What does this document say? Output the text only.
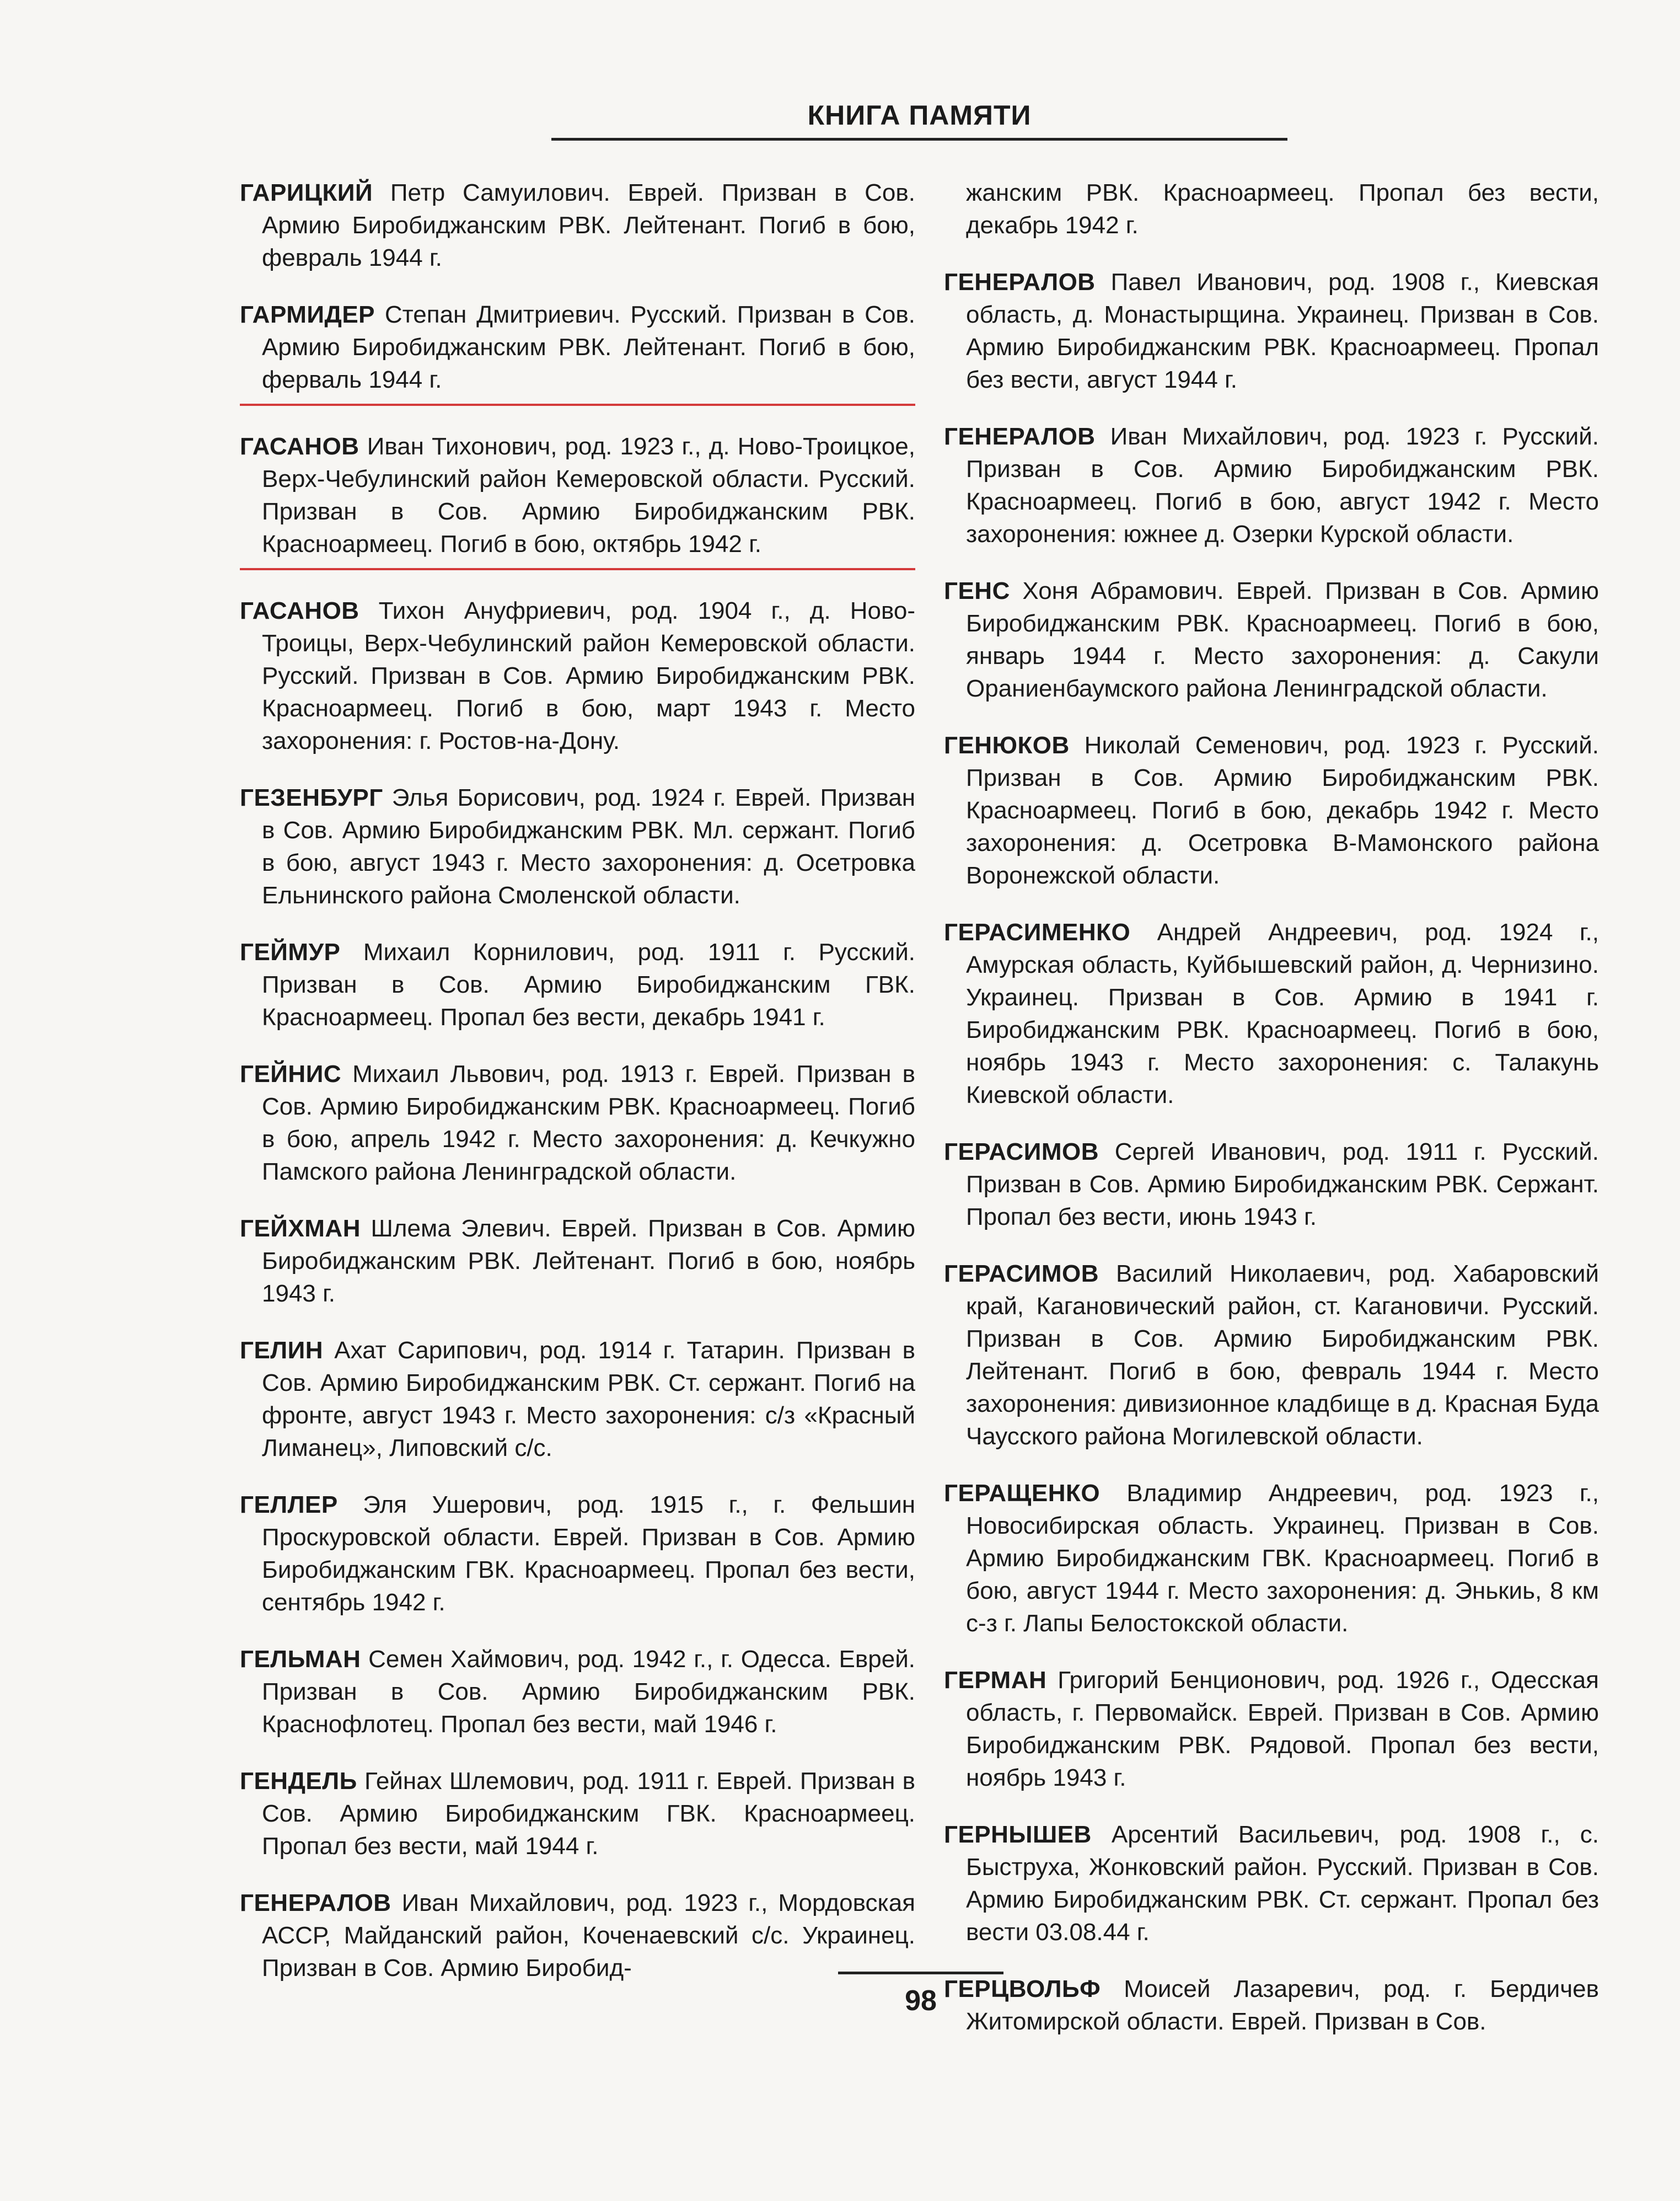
КНИГА ПАМЯТИ

ГАРИЦКИЙ Петр Самуилович. Еврей. Призван в Сов. Армию Биробиджанским РВК. Лейтенант. Погиб в бою, февраль 1944 г.

ГАРМИДЕР Степан Дмитриевич. Русский. Призван в Сов. Армию Биробиджанским РВК. Лейтенант. Погиб в бою, ферваль 1944 г.

ГАСАНОВ Иван Тихонович, род. 1923 г., д. Ново-Троицкое, Верх-Чебулинский район Кемеровской области. Русский. Призван в Сов. Армию Биробиджанским РВК. Красноармеец. Погиб в бою, октябрь 1942 г.

ГАСАНОВ Тихон Ануфриевич, род. 1904 г., д. Ново-Троицы, Верх-Чебулинский район Кемеровской области. Русский. Призван в Сов. Армию Биробиджанским РВК. Красноармеец. Погиб в бою, март 1943 г. Место захоронения: г. Ростов-на-Дону.

ГЕЗЕНБУРГ Элья Борисович, род. 1924 г. Еврей. Призван в Сов. Армию Биробиджанским РВК. Мл. сержант. Погиб в бою, август 1943 г. Место захоронения: д. Осетровка Ельнинского района Смоленской области.

ГЕЙМУР Михаил Корнилович, род. 1911 г. Русский. Призван в Сов. Армию Биробиджанским ГВК. Красноармеец. Пропал без вести, декабрь 1941 г.

ГЕЙНИС Михаил Львович, род. 1913 г. Еврей. Призван в Сов. Армию Биробиджанским РВК. Красноармеец. Погиб в бою, апрель 1942 г. Место захоронения: д. Кечкужно Памского района Ленинградской области.

ГЕЙХМАН Шлема Элевич. Еврей. Призван в Сов. Армию Биробиджанским РВК. Лейтенант. Погиб в бою, ноябрь 1943 г.

ГЕЛИН Ахат Сарипович, род. 1914 г. Татарин. Призван в Сов. Армию Биробиджанским РВК. Ст. сержант. Погиб на фронте, август 1943 г. Место захоронения: с/з «Красный Лиманец», Липовский с/с.

ГЕЛЛЕР Эля Ушерович, род. 1915 г., г. Фельшин Проскуровской области. Еврей. Призван в Сов. Армию Биробиджанским ГВК. Красноармеец. Пропал без вести, сентябрь 1942 г.

ГЕЛЬМАН Семен Хаймович, род. 1942 г., г. Одесса. Еврей. Призван в Сов. Армию Биробиджанским РВК. Краснофлотец. Пропал без вести, май 1946 г.

ГЕНДЕЛЬ Гейнах Шлемович, род. 1911 г. Еврей. Призван в Сов. Армию Биробиджанским ГВК. Красноармеец. Пропал без вести, май 1944 г.

ГЕНЕРАЛОВ Иван Михайлович, род. 1923 г., Мордовская АССР, Майданский район, Коченаевский с/с. Украинец. Призван в Сов. Армию Биробид-

жанским РВК. Красноармеец. Пропал без вести, декабрь 1942 г.

ГЕНЕРАЛОВ Павел Иванович, род. 1908 г., Киевская область, д. Монастырщина. Украинец. Призван в Сов. Армию Биробиджанским РВК. Красноармеец. Пропал без вести, август 1944 г.

ГЕНЕРАЛОВ Иван Михайлович, род. 1923 г. Русский. Призван в Сов. Армию Биробиджанским РВК. Красноармеец. Погиб в бою, август 1942 г. Место захоронения: южнее д. Озерки Курской области.

ГЕНС Хоня Абрамович. Еврей. Призван в Сов. Армию Биробиджанским РВК. Красноармеец. Погиб в бою, январь 1944 г. Место захоронения: д. Сакули Ораниенбаумского района Ленинградской области.

ГЕНЮКОВ Николай Семенович, род. 1923 г. Русский. Призван в Сов. Армию Биробиджанским РВК. Красноармеец. Погиб в бою, декабрь 1942 г. Место захоронения: д. Осетровка В-Мамонского района Воронежской области.

ГЕРАСИМЕНКО Андрей Андреевич, род. 1924 г., Амурская область, Куйбышевский район, д. Чернизино. Украинец. Призван в Сов. Армию в 1941 г. Биробиджанским РВК. Красноармеец. Погиб в бою, ноябрь 1943 г. Место захоронения: с. Талакунь Киевской области.

ГЕРАСИМОВ Сергей Иванович, род. 1911 г. Русский. Призван в Сов. Армию Биробиджанским РВК. Сержант. Пропал без вести, июнь 1943 г.

ГЕРАСИМОВ Василий Николаевич, род. Хабаровский край, Кагановический район, ст. Кагановичи. Русский. Призван в Сов. Армию Биробиджанским РВК. Лейтенант. Погиб в бою, февраль 1944 г. Место захоронения: дивизионное кладбище в д. Красная Буда Чаусского района Могилевской области.

ГЕРАЩЕНКО Владимир Андреевич, род. 1923 г., Новосибирская область. Украинец. Призван в Сов. Армию Биробиджанским ГВК. Красноармеец. Погиб в бою, август 1944 г. Место захоронения: д. Энькиь, 8 км с-з г. Лапы Белостокской области.

ГЕРМАН Григорий Бенционович, род. 1926 г., Одесская область, г. Первомайск. Еврей. Призван в Сов. Армию Биробиджанским РВК. Рядовой. Пропал без вести, ноябрь 1943 г.

ГЕРНЫШЕВ Арсентий Васильевич, род. 1908 г., с. Быструха, Жонковский район. Русский. Призван в Сов. Армию Биробиджанским РВК. Ст. сержант. Пропал без вести 03.08.44 г.

ГЕРЦВОЛЬФ Моисей Лазаревич, род. г. Бердичев Житомирской области. Еврей. Призван в Сов.

98
